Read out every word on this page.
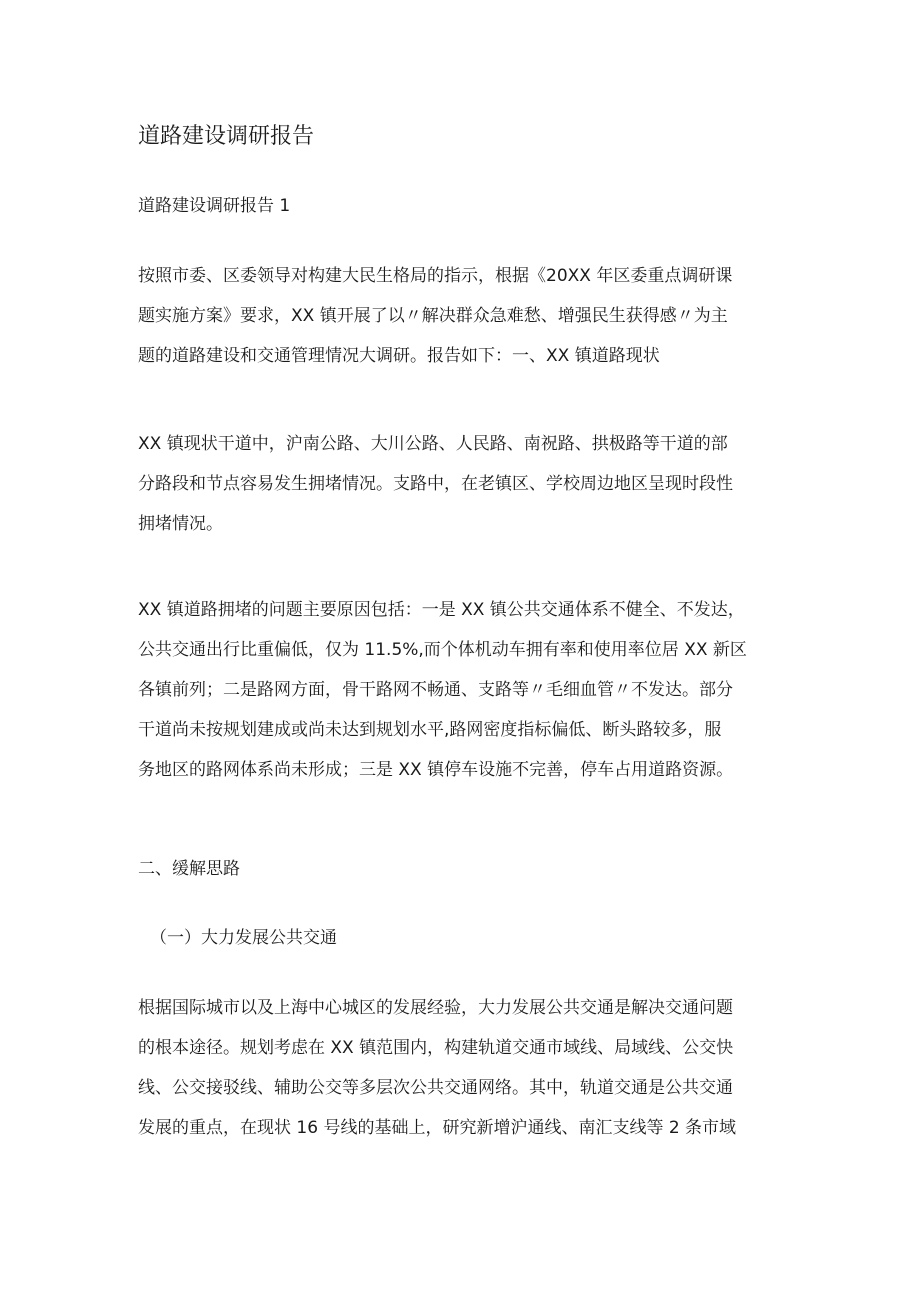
道路建设调研报告

道路建设调研报告 1

按照市委、区委领导对构建大民生格局的指示，根据《20XX 年区委重点调研课
题实施方案》要求，XX 镇开展了以〃解决群众急难愁、增强民生获得感〃为主
题的道路建设和交通管理情况大调研。报告如下：一、XX 镇道路现状
XX 镇现状干道中，沪南公路、大川公路、人民路、南祝路、拱极路等干道的部
分路段和节点容易发生拥堵情况。支路中，在老镇区、学校周边地区呈现时段性
拥堵情况。
XX 镇道路拥堵的问题主要原因包括：一是 XX 镇公共交通体系不健全、不发达，
公共交通出行比重偏低，仅为 11.5%,而个体机动车拥有率和使用率位居 XX 新区
各镇前列；二是路网方面，骨干路网不畅通、支路等〃毛细血管〃不发达。部分
干道尚未按规划建成或尚未达到规划水平,路网密度指标偏低、断头路较多，服
务地区的路网体系尚未形成；三是 XX 镇停车设施不完善，停车占用道路资源。
二、缓解思路
（一）大力发展公共交通
根据国际城市以及上海中心城区的发展经验，大力发展公共交通是解决交通问题
的根本途径。规划考虑在 XX 镇范围内，构建轨道交通市域线、局域线、公交快
线、公交接驳线、辅助公交等多层次公共交通网络。其中，轨道交通是公共交通
发展的重点，在现状 16 号线的基础上，研究新增沪通线、南汇支线等 2 条市域
